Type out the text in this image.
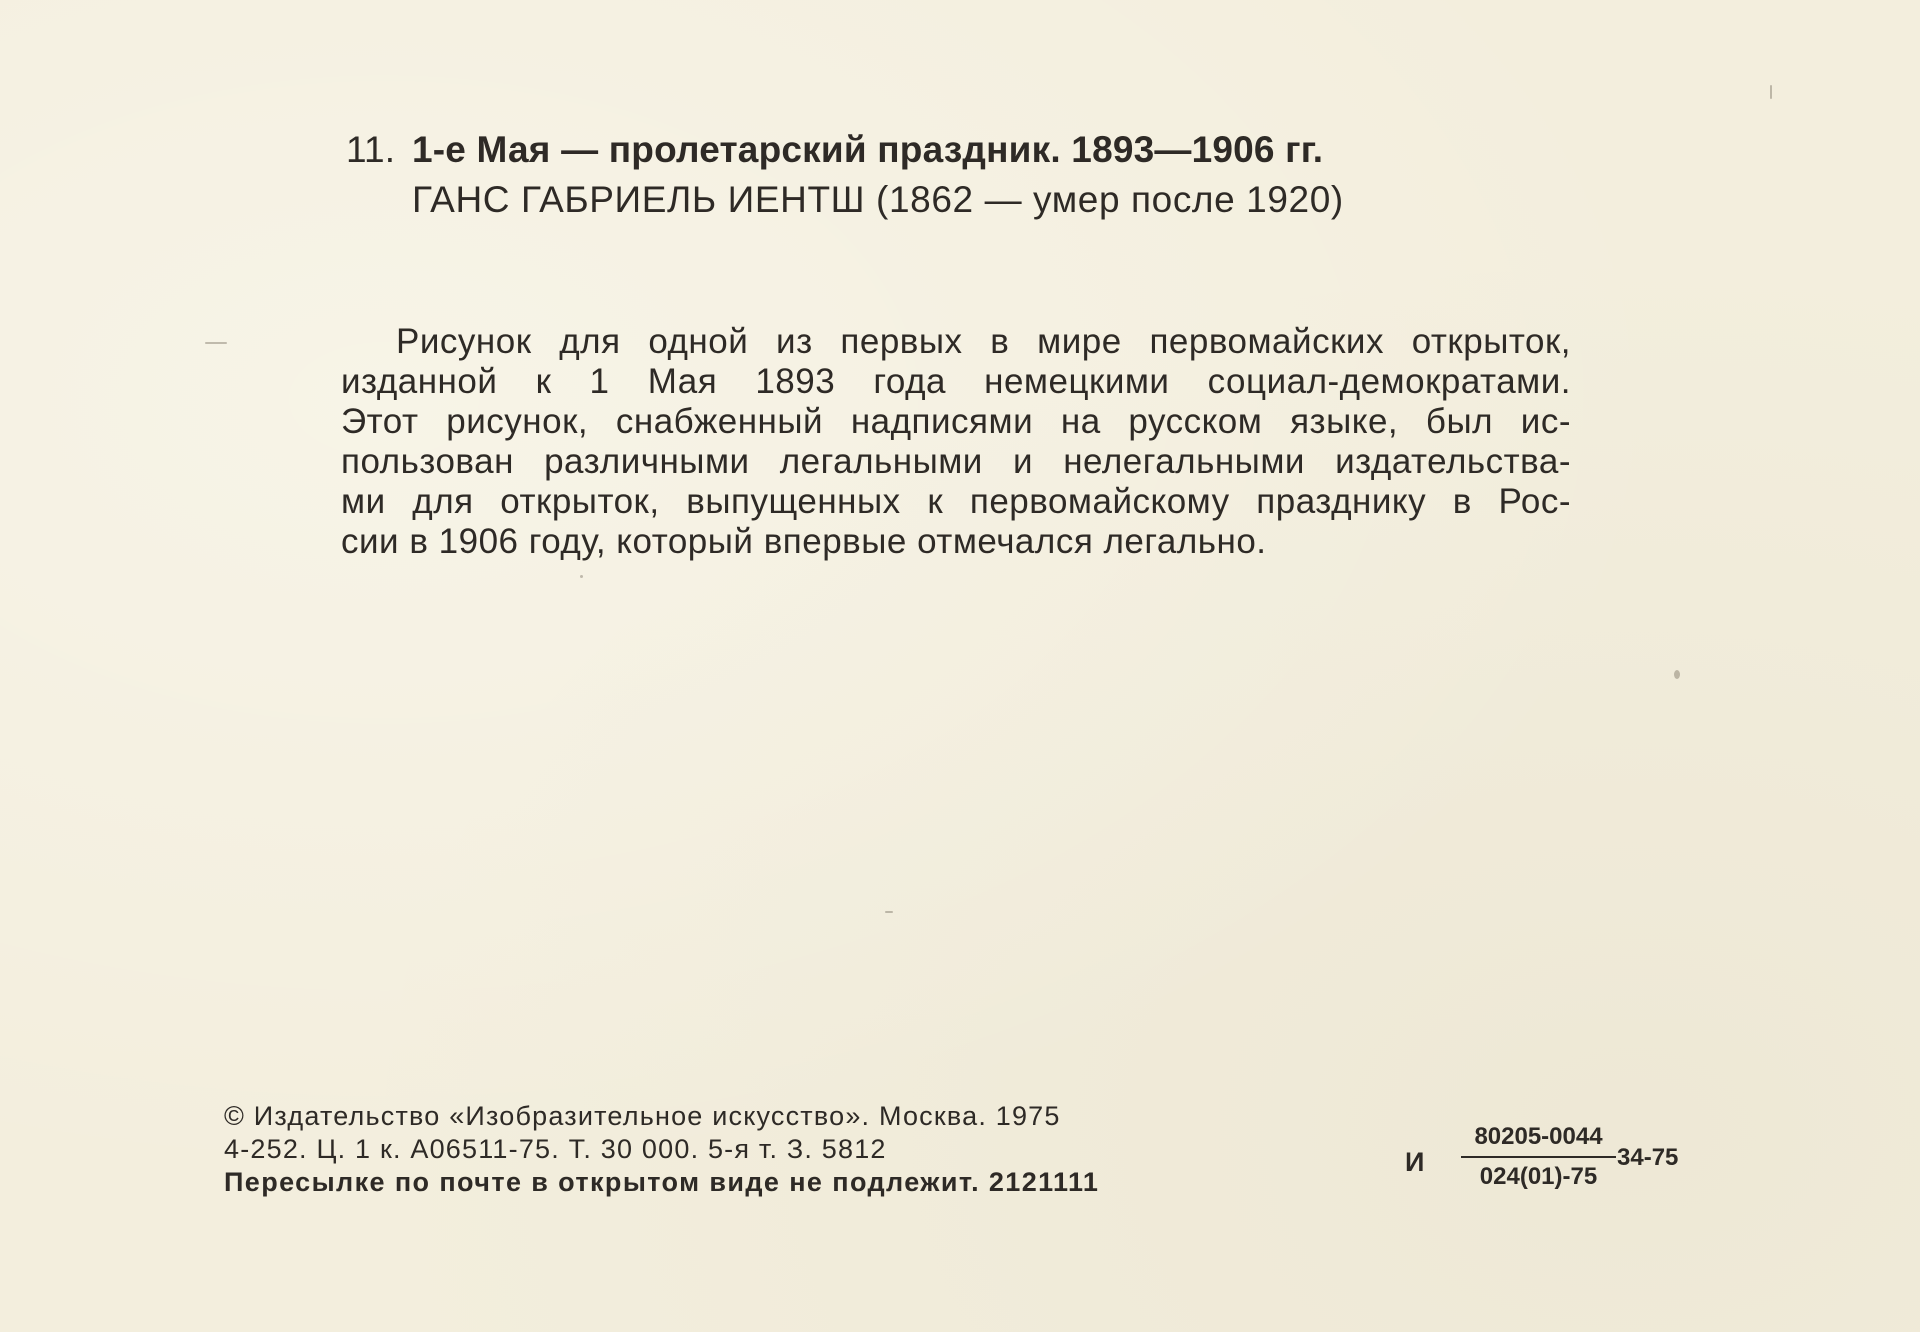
11. 1-е Мая — пролетарский праздник. 1893—1906 гг.
ГАНС ГАБРИЕЛЬ ИЕНТШ (1862 — умер после 1920)
Рисунок для одной из первых в мире первомайских открыток,
изданной к 1 Мая 1893 года немецкими социал-демократами.
Этот рисунок, снабженный надписями на русском языке, был ис-
пользован различными легальными и нелегальными издательства-
ми для открыток, выпущенных к первомайскому празднику в Рос-
сии в 1906 году, который впервые отмечался легально.
© Издательство «Изобразительное искусство». Москва. 1975
4-252. Ц. 1 к. А06511-75. Т. 30 000. 5-я т. З. 5812
Пересылке по почте в открытом виде не подлежит. 2121111
И $\frac{80205-0044}{024(01)-75} 34-75$
